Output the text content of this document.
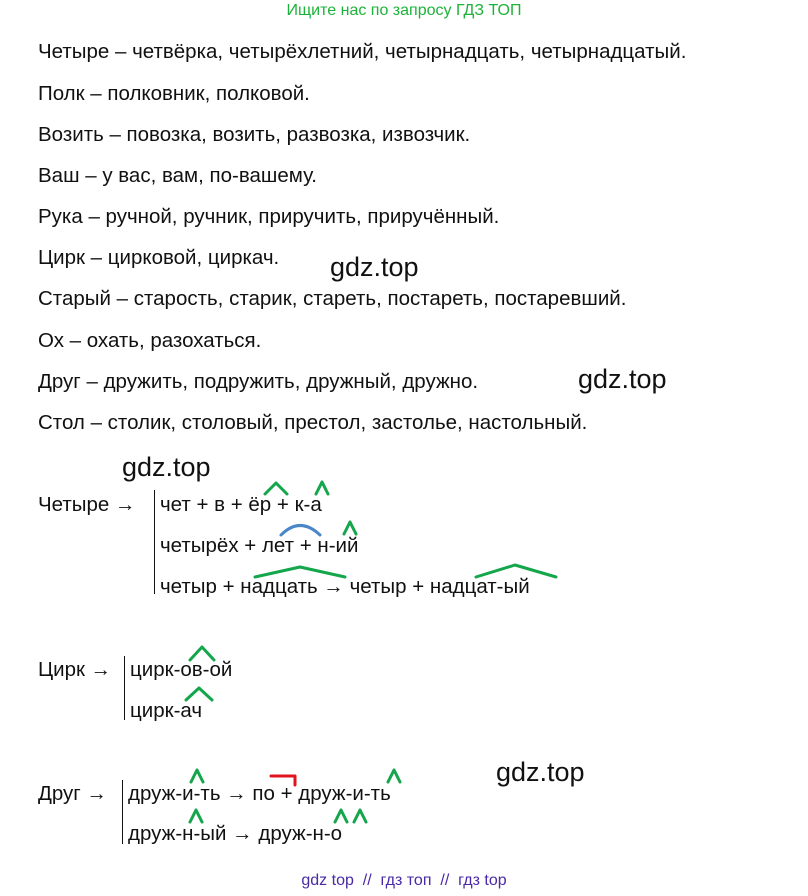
Ищите нас по запросу ГДЗ ТОП
Четыре – четвёрка, четырёхлетний, четырнадцать, четырнадцатый.
Полк – полковник, полковой.
Возить – повозка, возить, развозка, извозчик.
Ваш – у вас, вам, по-вашему.
Рука – ручной, ручник, приручить, приручённый.
Цирк – цирковой, циркач.
Старый – старость, старик, стареть, постареть, постаревший.
Ох – охать, разохаться.
Друг – дружить, подружить, дружный, дружно.
Стол – столик, столовый, престол, застолье, настольный.
gdz.top
gdz.top
gdz.top
gdz.top
Четыре → чет + в + ёр + к-а
четырёх + лет + н-ий
четыр + надцать → четыр + надцат-ый
Цирк → цирк-ов-ой
цирк-ач
Друг → друж-и-ть → по + друж-и-ть
друж-н-ый → друж-н-о
gdz top  //  гдз топ  //  гдз top
